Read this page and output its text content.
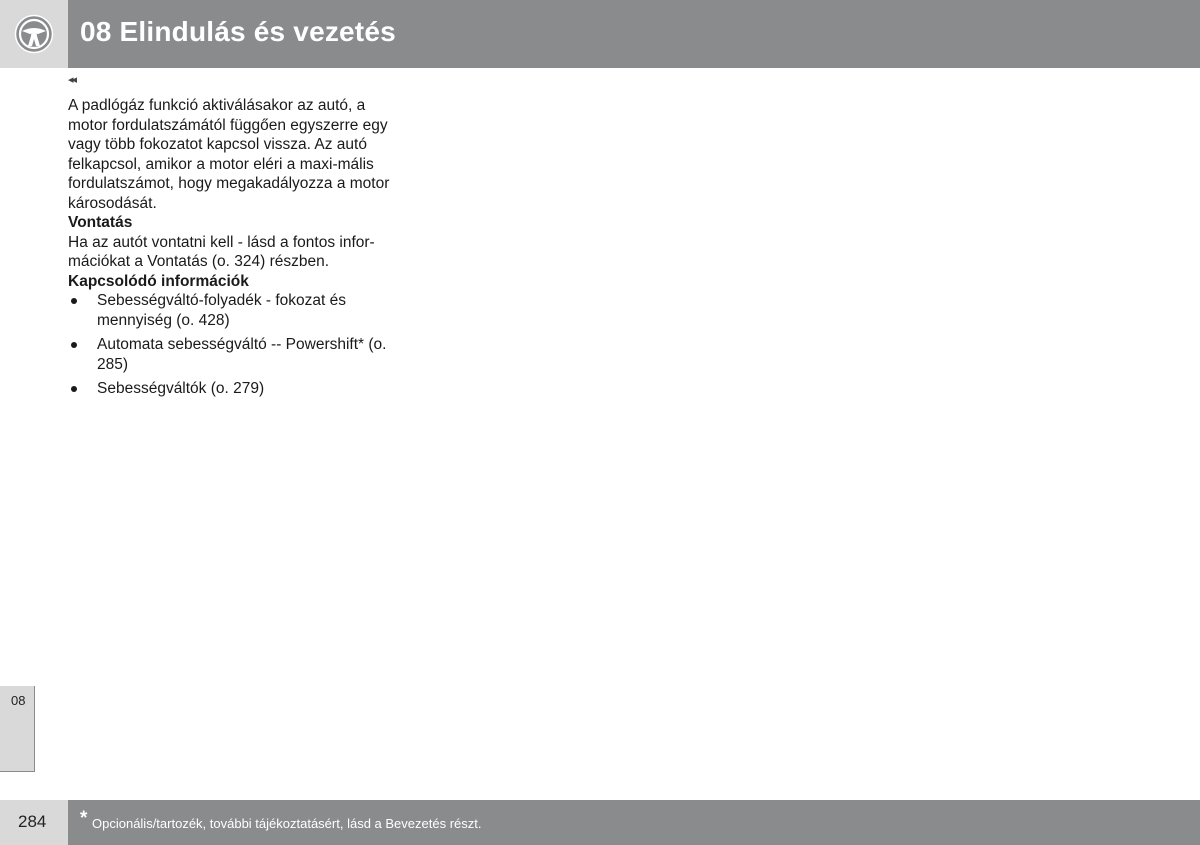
08 Elindulás és vezetés
◂◂

A padlógáz funkció aktiválásakor az autó, a motor fordulatszámától függően egyszerre egy vagy több fokozatot kapcsol vissza. Az autó felkapcsol, amikor a motor eléri a maxi-mális fordulatszámot, hogy megakadályozza a motor károsodását.

Vontatás

Ha az autót vontatni kell - lásd a fontos infor-mációkat a Vontatás (o. 324) részben.

Kapcsolódó információk

Sebességváltó-folyadék - fokozat és mennyiség (o. 428)
Automata sebességváltó -- Powershift* (o. 285)
Sebességváltók (o. 279)
08
284 * Opcionális/tartozék, további tájékoztatásért, lásd a Bevezetés részt.
